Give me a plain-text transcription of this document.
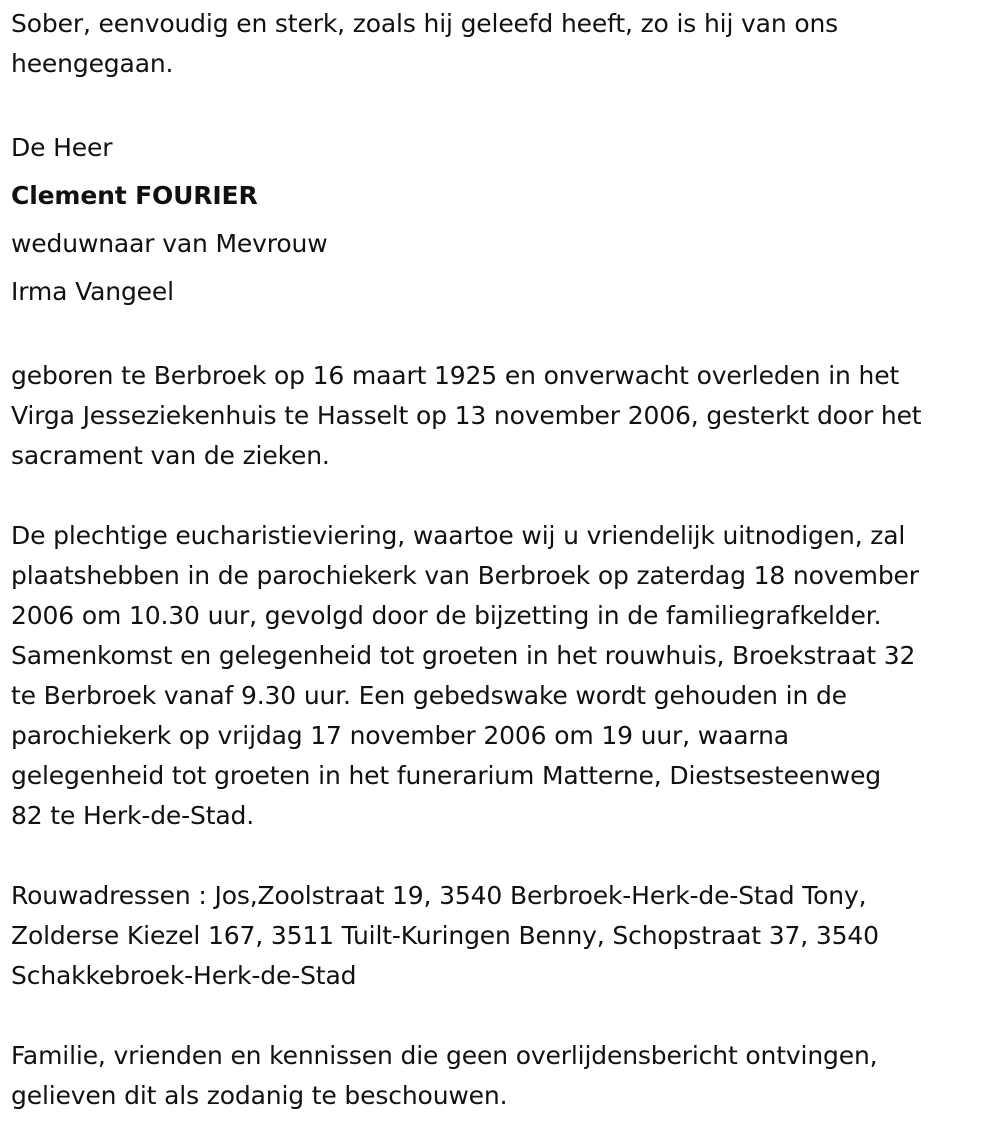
Sober, eenvoudig en sterk, zoals hij geleefd heeft, zo is hij van ons
heengegaan.

De Heer
Clement FOURIER
weduwnaar van Mevrouw
Irma Vangeel

geboren te Berbroek op 16 maart 1925 en onverwacht overleden in het
Virga Jesseziekenhuis te Hasselt op 13 november 2006, gesterkt door het
sacrament van de zieken.

De plechtige eucharistieviering, waartoe wij u vriendelijk uitnodigen, zal
plaatshebben in de parochiekerk van Berbroek op zaterdag 18 november
2006 om 10.30 uur, gevolgd door de bijzetting in de familiegrafkelder.
Samenkomst en gelegenheid tot groeten in het rouwhuis, Broekstraat 32
te Berbroek vanaf 9.30 uur. Een gebedswake wordt gehouden in de
parochiekerk op vrijdag 17 november 2006 om 19 uur, waarna
gelegenheid tot groeten in het funerarium Matterne, Diestsesteenweg
82 te Herk-de-Stad.

Rouwadressen : Jos,Zoolstraat 19, 3540 Berbroek-Herk-de-Stad Tony,
Zolderse Kiezel 167, 3511 Tuilt-Kuringen Benny, Schopstraat 37, 3540
Schakkebroek-Herk-de-Stad

Familie, vrienden en kennissen die geen overlijdensbericht ontvingen,
gelieven dit als zodanig te beschouwen.
